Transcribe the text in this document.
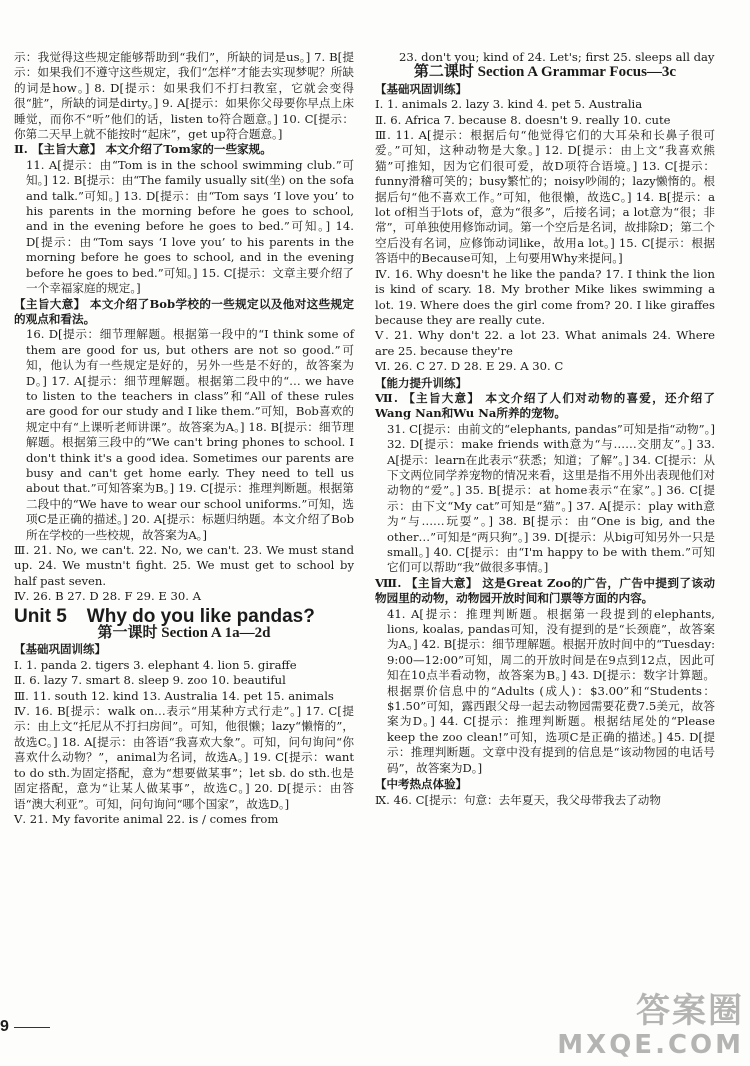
示：我觉得这些规定能够帮助到“我们”，所缺的词是us。] 7. B[提示：如果我们不遵守这些规定，我们“怎样”才能去实现梦呢？所缺的词是how。] 8. D[提示：如果我们不打扫教室，它就会变得很“脏”，所缺的词是dirty。] 9. A[提示：如果你父母要你早点上床睡觉，而你不“听”他们的话，listen to符合题意。] 10. C[提示：你第二天早上就不能按时“起床”，get up符合题意。]

Ⅱ. 【主旨大意】 本文介绍了Tom家的一些家规。

11. A[提示：由“Tom is in the school swimming club.”可知。] 12. B[提示：由“The family usually sit(坐) on the sofa and talk.”可知。] 13. D[提示：由“Tom says ‘I love you’ to his parents in the morning before he goes to school, and in the evening before he goes to bed.”可知。] 14. D[提示：由“Tom says ‘I love you’ to his parents in the morning before he goes to school, and in the evening before he goes to bed.”可知。] 15. C[提示：文章主要介绍了一个幸福家庭的规定。]

【主旨大意】 本文介绍了Bob学校的一些规定以及他对这些规定的观点和看法。

16. D[提示：细节理解题。根据第一段中的“I think some of them are good for us, but others are not so good.”可知，他认为有一些规定是好的，另外一些是不好的，故答案为D。] 17. A[提示：细节理解题。根据第二段中的“… we have to listen to the teachers in class”和“All of these rules are good for our study and I like them.”可知，Bob喜欢的规定中有“上课听老师讲课”。故答案为A。] 18. B[提示：细节理解题。根据第三段中的“We can't bring phones to school. I don't think it's a good idea. Sometimes our parents are busy and can't get home early. They need to tell us about that.”可知答案为B。] 19. C[提示：推理判断题。根据第二段中的“We have to wear our school uniforms.”可知，选项C是正确的描述。] 20. A[提示：标题归纳题。本文介绍了Bob所在学校的一些校规，故答案为A。]

Ⅲ. 21. No, we can't. 22. No, we can't. 23. We must stand up. 24. We mustn't fight. 25. We must get to school by half past seven.

Ⅳ. 26. B 27. D 28. F 29. E 30. A

Unit 5 Why do you like pandas?

第一课时 Section A 1a—2d

【基础巩固训练】

Ⅰ. 1. panda 2. tigers 3. elephant 4. lion 5. giraffe

Ⅱ. 6. lazy 7. smart 8. sleep 9. zoo 10. beautiful

Ⅲ. 11. south 12. kind 13. Australia 14. pet 15. animals

Ⅳ. 16. B[提示：walk on…表示“用某种方式行走”。] 17. C[提示：由上文“托尼从不打扫房间”。可知，他很懒；lazy“懒惰的”，故选C。] 18. A[提示：由答语“我喜欢大象”。可知，问句询问“你喜欢什么动物？”，animal为名词，故选A。] 19. C[提示：want to do sth.为固定搭配，意为“想要做某事”；let sb. do sth.也是固定搭配，意为“让某人做某事”，故选C。] 20. D[提示：由答语“澳大利亚”。可知，问句询问“哪个国家”，故选D。]

Ⅴ. 21. My favorite animal 22. is / comes from

23. don't you; kind of 24. Let's; first 25. sleeps all day

第二课时 Section A Grammar Focus—3c

【基础巩固训练】

Ⅰ. 1. animals 2. lazy 3. kind 4. pet 5. Australia

Ⅱ. 6. Africa 7. because 8. doesn't 9. really 10. cute

Ⅲ. 11. A[提示：根据后句“他觉得它们的大耳朵和长鼻子很可爱。”可知，这种动物是大象。] 12. D[提示：由上文“我喜欢熊猫”可推知，因为它们很可爱，故D项符合语境。] 13. C[提示：funny滑稽可笑的；busy繁忙的；noisy吵闹的；lazy懒惰的。根据后句“他不喜欢工作。”可知，他很懒，故选C。] 14. B[提示：a lot of相当于lots of，意为“很多”，后接名词；a lot意为“很；非常”，可单独使用修饰动词。第一个空后是名词，故排除D；第二个空后没有名词，应修饰动词like，故用a lot。] 15. C[提示：根据答语中的Because可知，上句要用Why来提问。]

Ⅳ. 16. Why doesn't he like the panda? 17. I think the lion is kind of scary. 18. My brother Mike likes swimming a lot. 19. Where does the girl come from? 20. I like giraffes because they are really cute.

Ⅴ. 21. Why don't 22. a lot 23. What animals 24. Where are 25. because they're

Ⅵ. 26. C 27. D 28. E 29. A 30. C

【能力提升训练】

Ⅶ. 【主旨大意】 本文介绍了人们对动物的喜爱，还介绍了Wang Nan和Wu Na所养的宠物。

31. C[提示：由前文的“elephants, pandas”可知是指“动物”。] 32. D[提示：make friends with意为“与……交朋友”。] 33. A[提示：learn在此表示“获悉；知道；了解”。] 34. C[提示：从下文两位同学养宠物的情况来看，这里是指不用外出表现他们对动物的“爱”。] 35. B[提示：at home表示“在家”。] 36. C[提示：由下文“My cat”可知是“猫”。] 37. A[提示：play with意为“与……玩耍”。] 38. B[提示：由“One is big, and the other…”可知是“两只狗”。] 39. D[提示：从big可知另外一只是small。] 40. C[提示：由“I'm happy to be with them.”可知它们可以帮助“我”做很多事情。]

Ⅷ. 【主旨大意】 这是Great Zoo的广告，广告中提到了该动物园里的动物，动物园开放时间和门票等方面的内容。

41. A[提示：推理判断题。根据第一段提到的elephants, lions, koalas, pandas可知，没有提到的是“长颈鹿”，故答案为A。] 42. B[提示：细节理解题。根据开放时间中的“Tuesday: 9:00—12:00”可知，周二的开放时间是在9点到12点，因此可知在10点半看动物，故答案为B。] 43. D[提示：数字计算题。根据票价信息中的“Adults (成人)：$3.00”和“Students：$1.50”可知，露西跟父母一起去动物园需要花费7.5美元，故答案为D。] 44. C[提示：推理判断题。根据结尾处的“Please keep the zoo clean!”可知，选项C是正确的描述。] 45. D[提示：推理判断题。文章中没有提到的信息是“该动物园的电话号码”，故答案为D。]

【中考热点体验】

Ⅸ. 46. C[提示：句意：去年夏天，我父母带我去了动物

9	答案圈
MXQE.COM
